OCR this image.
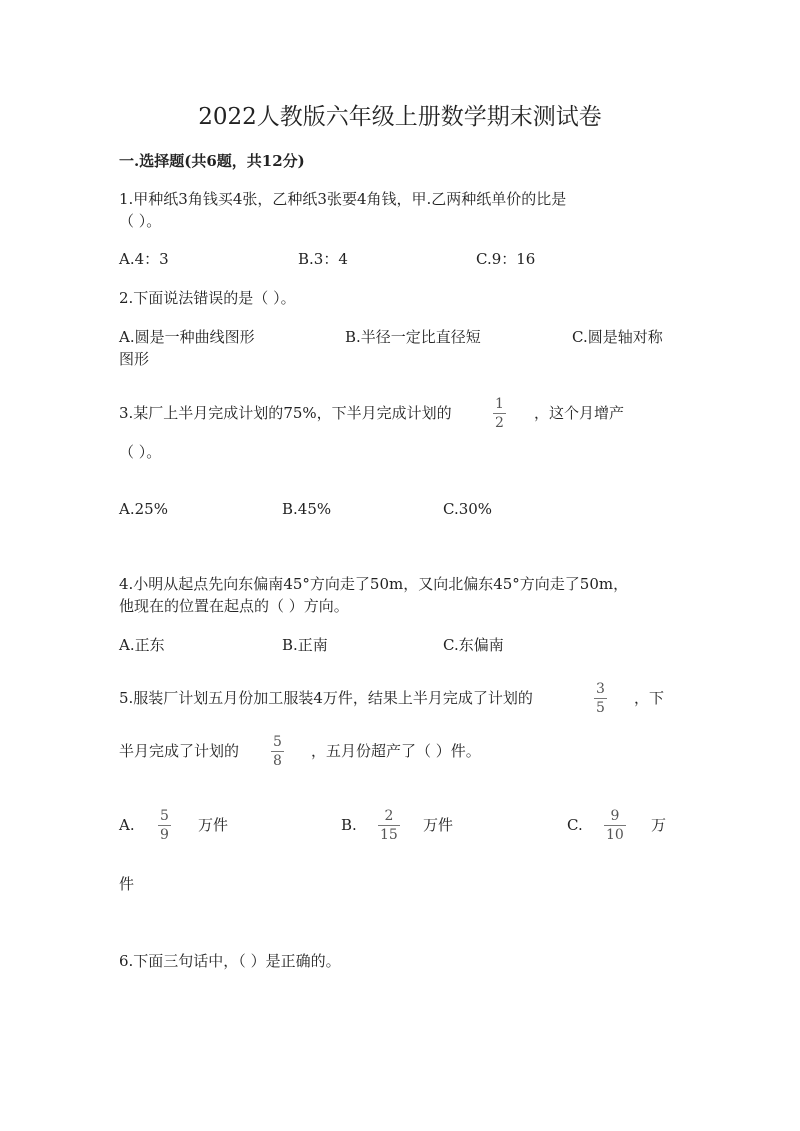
2022人教版六年级上册数学期末测试卷
一.选择题(共6题，共12分)
1.甲种纸3角钱买4张，乙种纸3张要4角钱，甲.乙两种纸单价的比是
（ ）。
A.4：3	B.3：4	C.9：16
2.下面说法错误的是（ ）。
A.圆是一种曲线图形	B.半径一定比直径短	C.圆是轴对称
图形
3.某厂上半月完成计划的75%，下半月完成计划的	1
2
，这个月增产
（ ）。
A.25%	B.45%	C.30%
4.小明从起点先向东偏南45°方向走了50m，又向北偏东45°方向走了50m，
他现在的位置在起点的（ ）方向。
A.正东	B.正南	C.东偏南
5.服装厂计划五月份加工服装4万件，结果上半月完成了计划的	3
5
，下
半月完成了计划的 5
8
，五月份超产了（ ）件。
A. 5
9
万件	B.	2
15
万件	C.	9
10
万
件
6.下面三句话中，（ ）是正确的。
